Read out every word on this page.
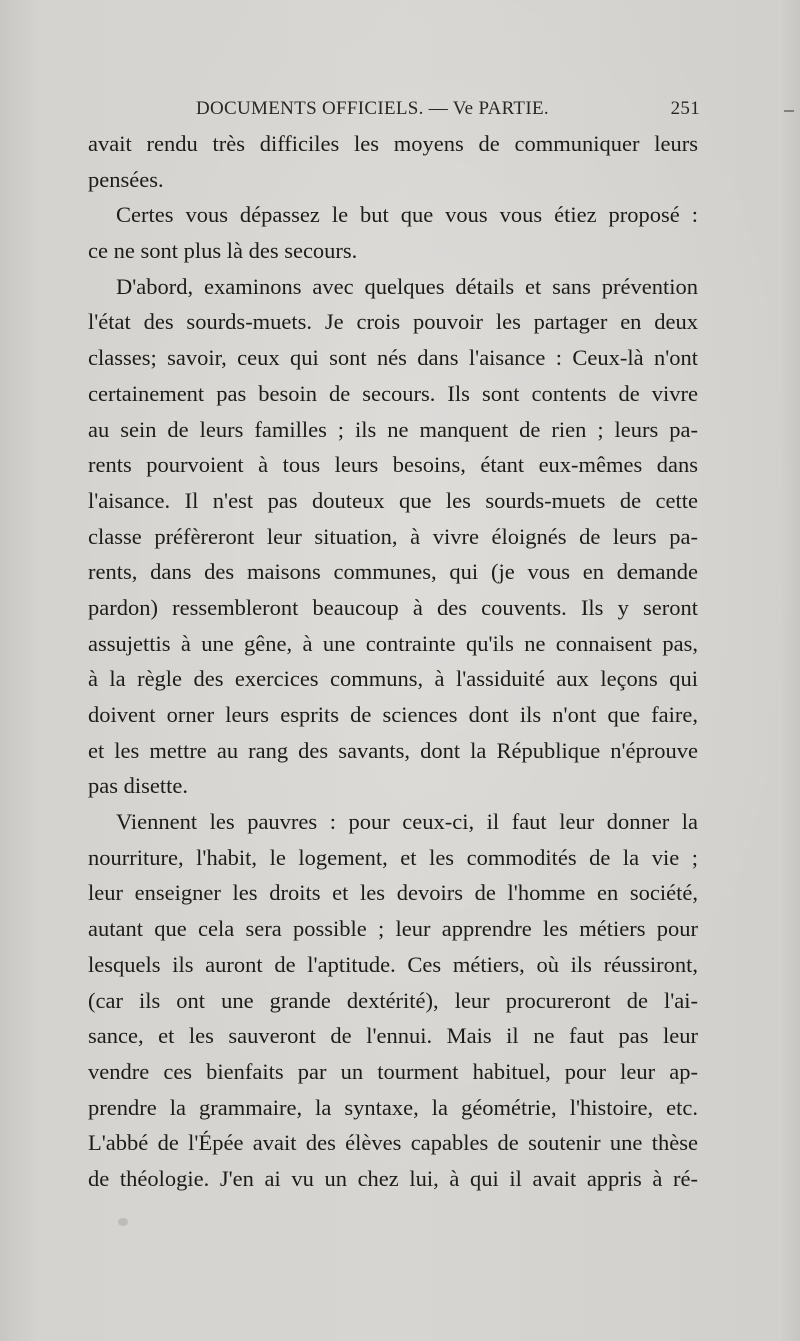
DOCUMENTS OFFICIELS. — Ve PARTIE.	251
avait rendu très difficiles les moyens de communiquer leurs
pensées.
Certes vous dépassez le but que vous vous étiez proposé :
ce ne sont plus là des secours.
D'abord, examinons avec quelques détails et sans prévention
l'état des sourds-muets. Je crois pouvoir les partager en deux
classes; savoir, ceux qui sont nés dans l'aisance : Ceux-là n'ont
certainement pas besoin de secours. Ils sont contents de vivre
au sein de leurs familles ; ils ne manquent de rien ; leurs pa-
rents pourvoient à tous leurs besoins, étant eux-mêmes dans
l'aisance. Il n'est pas douteux que les sourds-muets de cette
classe préfèreront leur situation, à vivre éloignés de leurs pa-
rents, dans des maisons communes, qui (je vous en demande
pardon) ressembleront beaucoup à des couvents. Ils y seront
assujettis à une gêne, à une contrainte qu'ils ne connaisent pas,
à la règle des exercices communs, à l'assiduité aux leçons qui
doivent orner leurs esprits de sciences dont ils n'ont que faire,
et les mettre au rang des savants, dont la République n'éprouve
pas disette.
Viennent les pauvres : pour ceux-ci, il faut leur donner la
nourriture, l'habit, le logement, et les commodités de la vie ;
leur enseigner les droits et les devoirs de l'homme en société,
autant que cela sera possible ; leur apprendre les métiers pour
lesquels ils auront de l'aptitude. Ces métiers, où ils réussiront,
(car ils ont une grande dextérité), leur procureront de l'ai-
sance, et les sauveront de l'ennui. Mais il ne faut pas leur
vendre ces bienfaits par un tourment habituel, pour leur ap-
prendre la grammaire, la syntaxe, la géométrie, l'histoire, etc.
L'abbé de l'Épée avait des élèves capables de soutenir une thèse
de théologie. J'en ai vu un chez lui, à qui il avait appris à ré-
